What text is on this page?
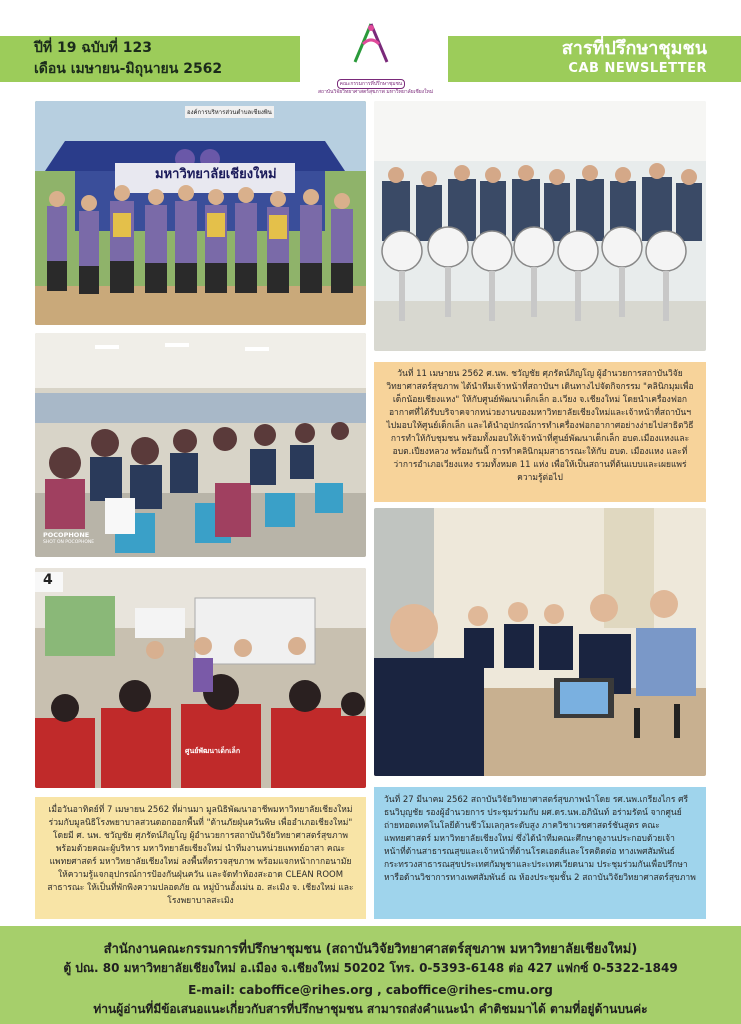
ปีที่ 19 ฉบับที่ 123
เดือน เมษายน-มิถุนายน 2562
สารที่ปรึกษาชุมชน
CAB NEWSLETTER
คณะกรรมการที่ปรึกษาชุมชน
สถาบันวิจัยวิทยาศาสตร์สุขภาพ มหาวิทยาลัยเชียงใหม่
มหาวิทยาลัยเชียงใหม่
องค์การบริหารส่วนตำบลเชียงพิน
POCOPHONE
SHOT ON POCOPHONE
วันที่ 11 เมษายน 2562 ศ.นพ. ชวัญชัย ศุภรัตน์ภิญโญ ผู้อำนวยการสถาบันวิจัยวิทยาศาสตร์สุขภาพ ได้นำทีมเจ้าหน้าที่สถาบันฯ เดินทางไปจัดกิจกรรม "คลินิกมุมเพื่อเด็กน้อยเชียงแหง" ให้กับศูนย์พัฒนาเด็กเล็ก อ.เวียง จ.เชียงใหม่ โดยนำเครื่องฟอกอากาศที่ได้รับบริจาคจากหน่วยงานของมหาวิทยาลัยเชียงใหม่และเจ้าหน้าที่สถาบันฯ ไปมอบให้ศูนย์เด็กเล็ก และได้นำอุปกรณ์การทำเครื่องฟอกอากาศอย่างง่ายไปสาธิตวิธีการทำให้กับชุมชน พร้อมทั้งมอบให้เจ้าหน้าที่ศูนย์พัฒนาเด็กเล็ก อบต.เมืองแหงและ อบต.เปียงหลวง พร้อมกันนี้ การทำคลินิกมุมสาธารณะให้กับ อบต. เมืองแหง และที่ว่าการอำเภอเวียงแหง รวมทั้งหมด 11 แห่ง เพื่อให้เป็นสถานที่ต้นแบบและเผยแพร่ความรู้ต่อไป
4
ศูนย์พัฒนาเด็กเล็ก
เมื่อวันอาทิตย์ที่ 7 เมษายน 2562 ที่ผ่านมา มูลนิธิพัฒนาอาชีพมหาวิทยาลัยเชียงใหม่ ร่วมกับมูลนิธิโรงพยาบาลสวนดอกออกพื้นที่ "ต้านภัยฝุ่นควันพิษ เพื่ออำเภอเชียงใหม่" โดยมี ศ. นพ. ชวัญชัย ศุภรัตน์ภิญโญ ผู้อำนวยการสถาบันวิจัยวิทยาศาสตร์สุขภาพ พร้อมด้วยคณะผู้บริหาร มหาวิทยาลัยเชียงใหม่ นำทีมงานหน่วยแพทย์อาสา คณะแพทยศาสตร์ มหาวิทยาลัยเชียงใหม่ ลงพื้นที่ตรวจสุขภาพ พร้อมแจกหน้ากากอนามัย ให้ความรู้แจกอุปกรณ์การป้องกันฝุ่นควัน และจัดทำห้องสะอาด CLEAN ROOM สาธารณะ ให้เป็นที่พักพิงความปลอดภัย ณ หมู่บ้านอั้งเม่น อ. สะเมิง จ. เชียงใหม่ และโรงพยาบาลสะเมิง
วันที่ 27 มีนาคม 2562 สถาบันวิจัยวิทยาศาสตร์สุขภาพนำโดย รศ.นพ.เกรียงไกร ศรีธนวิบุญชัย รองผู้อำนวยการ ประชุมร่วมกับ ผศ.ดร.นพ.อภินันท์ อร่ามรัตน์ จากศูนย์ถ่ายทอดเทคโนโลยีด้านชีวโมเลกุลระดับสูง ภาควิชาเวชศาสตร์ชันสูตร คณะแพทยศาสตร์ มหาวิทยาลัยเชียงใหม่ ซึ่งได้นำทีมคณะศึกษาดูงานประกอบด้วยเจ้าหน้าที่ด้านสาธารณสุขและเจ้าหน้าที่ด้านโรคเอดส์และโรคติดต่อ ทางเพศสัมพันธ์ กระทรวงสาธารณสุขประเทศกัมพูชาและประเทศเวียดนาม ประชุมร่วมกันเพื่อปรึกษาหารือด้านวิชาการทางเพศสัมพันธ์ ณ ห้องประชุมชั้น 2 สถาบันวิจัยวิทยาศาสตร์สุขภาพ
สำนักงานคณะกรรมการที่ปรึกษาชุมชน (สถาบันวิจัยวิทยาศาสตร์สุขภาพ มหาวิทยาลัยเชียงใหม่)
ตู้ ปณ. 80 มหาวิทยาลัยเชียงใหม่ อ.เมือง จ.เชียงใหม่ 50202 โทร. 0-5393-6148 ต่อ 427 แฟกซ์ 0-5322-1849
E-mail: caboffice@rihes.org , caboffice@rihes-cmu.org
ท่านผู้อ่านที่มีข้อเสนอแนะเกี่ยวกับสารที่ปรึกษาชุมชน สามารถส่งคำแนะนำ คำติชมมาได้ ตามที่อยู่ด้านบนค่ะ
